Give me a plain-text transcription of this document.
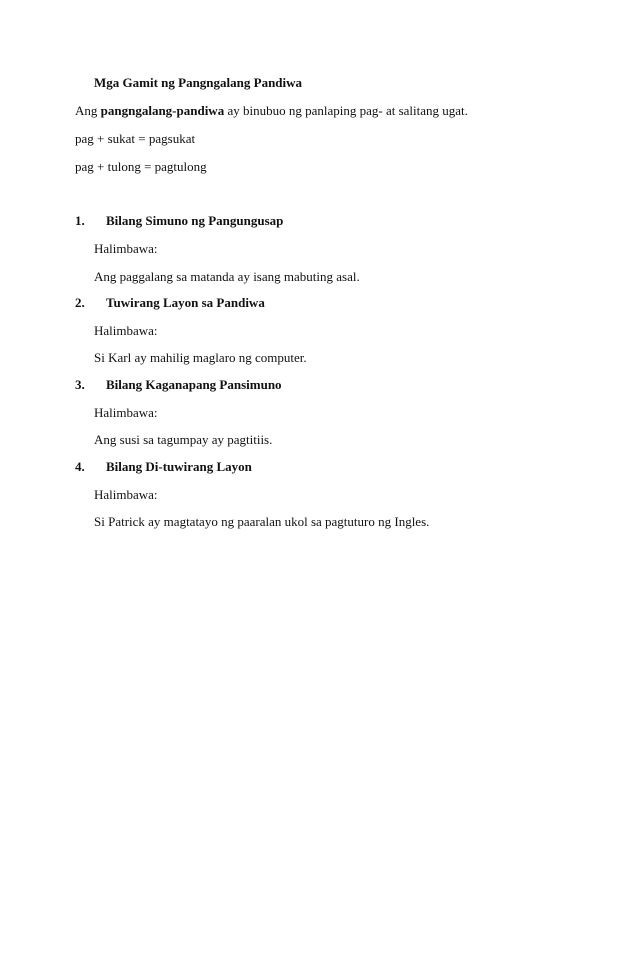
Mga Gamit ng Pangngalang Pandiwa
Ang pangngalang-pandiwa ay binubuo ng panlaping pag- at salitang ugat.
pag + sukat = pagsukat
pag + tulong = pagtulong
1. Bilang Simuno ng Pangungusap
Halimbawa:
Ang paggalang sa matanda ay isang mabuting asal.
2. Tuwirang Layon sa Pandiwa
Halimbawa:
Si Karl ay mahilig maglaro ng computer.
3. Bilang Kaganapang Pansimuno
Halimbawa:
Ang susi sa tagumpay ay pagtitiis.
4. Bilang Di-tuwirang Layon
Halimbawa:
Si Patrick ay magtatayo ng paaralan ukol sa pagtuturo ng Ingles.
